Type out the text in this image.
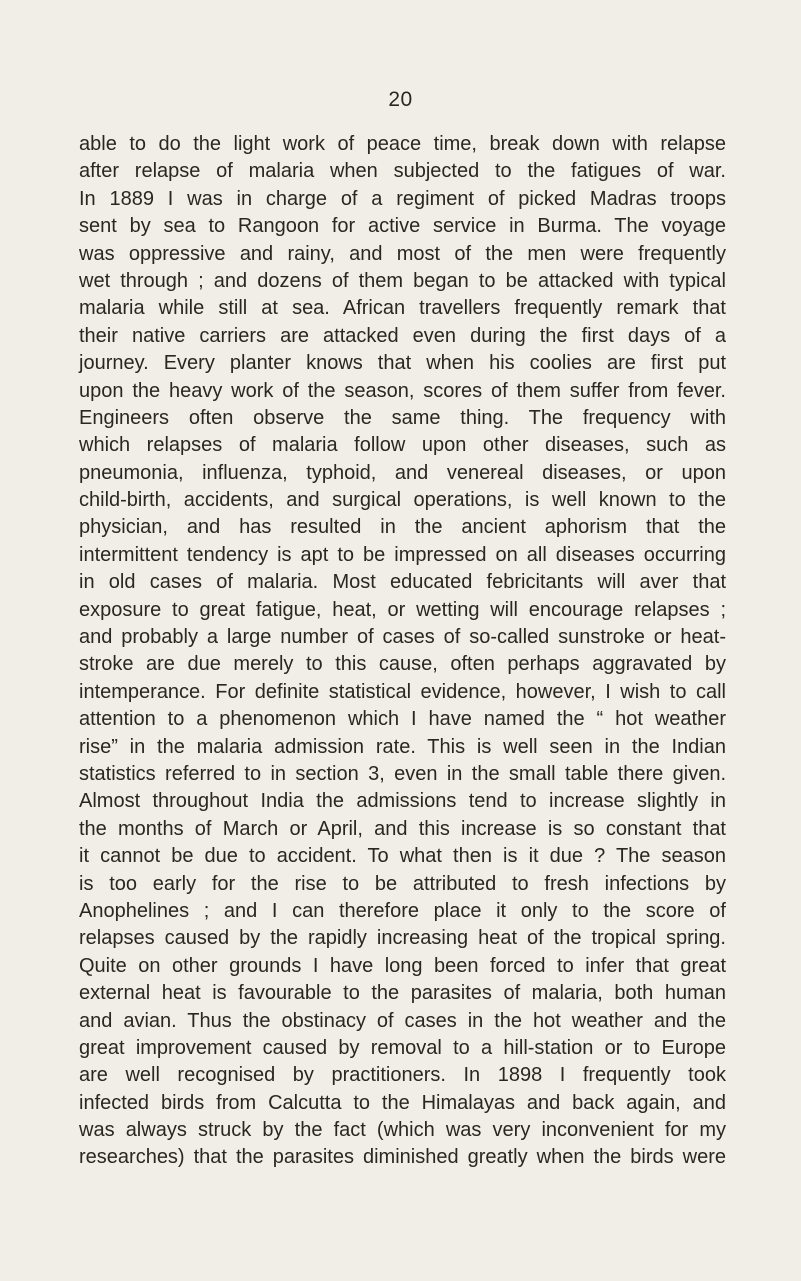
20
able to do the light work of peace time, break down with relapse
after relapse of malaria when subjected to the fatigues of war.
In 1889 I was in charge of a regiment of picked Madras troops
sent by sea to Rangoon for active service in Burma. The voyage
was oppressive and rainy, and most of the men were frequently
wet through ; and dozens of them began to be attacked with typical
malaria while still at sea. African travellers frequently remark that
their native carriers are attacked even during the first days of a
journey. Every planter knows that when his coolies are first put
upon the heavy work of the season, scores of them suffer from fever.
Engineers often observe the same thing. The frequency with
which relapses of malaria follow upon other diseases, such as
pneumonia, influenza, typhoid, and venereal diseases, or upon
child-birth, accidents, and surgical operations, is well known to the
physician, and has resulted in the ancient aphorism that the
intermittent tendency is apt to be impressed on all diseases occurring
in old cases of malaria. Most educated febricitants will aver that
exposure to great fatigue, heat, or wetting will encourage relapses ;
and probably a large number of cases of so-called sunstroke or heat-
stroke are due merely to this cause, often perhaps aggravated by
intemperance. For definite statistical evidence, however, I wish to call
attention to a phenomenon which I have named the “ hot weather
rise” in the malaria admission rate. This is well seen in the Indian
statistics referred to in section 3, even in the small table there given.
Almost throughout India the admissions tend to increase slightly in
the months of March or April, and this increase is so constant that
it cannot be due to accident. To what then is it due ? The season
is too early for the rise to be attributed to fresh infections by
Anophelines ; and I can therefore place it only to the score of
relapses caused by the rapidly increasing heat of the tropical spring.
Quite on other grounds I have long been forced to infer that great
external heat is favourable to the parasites of malaria, both human
and avian. Thus the obstinacy of cases in the hot weather and the
great improvement caused by removal to a hill-station or to Europe
are well recognised by practitioners. In 1898 I frequently took
infected birds from Calcutta to the Himalayas and back again, and
was always struck by the fact (which was very inconvenient for my
researches) that the parasites diminished greatly when the birds were
